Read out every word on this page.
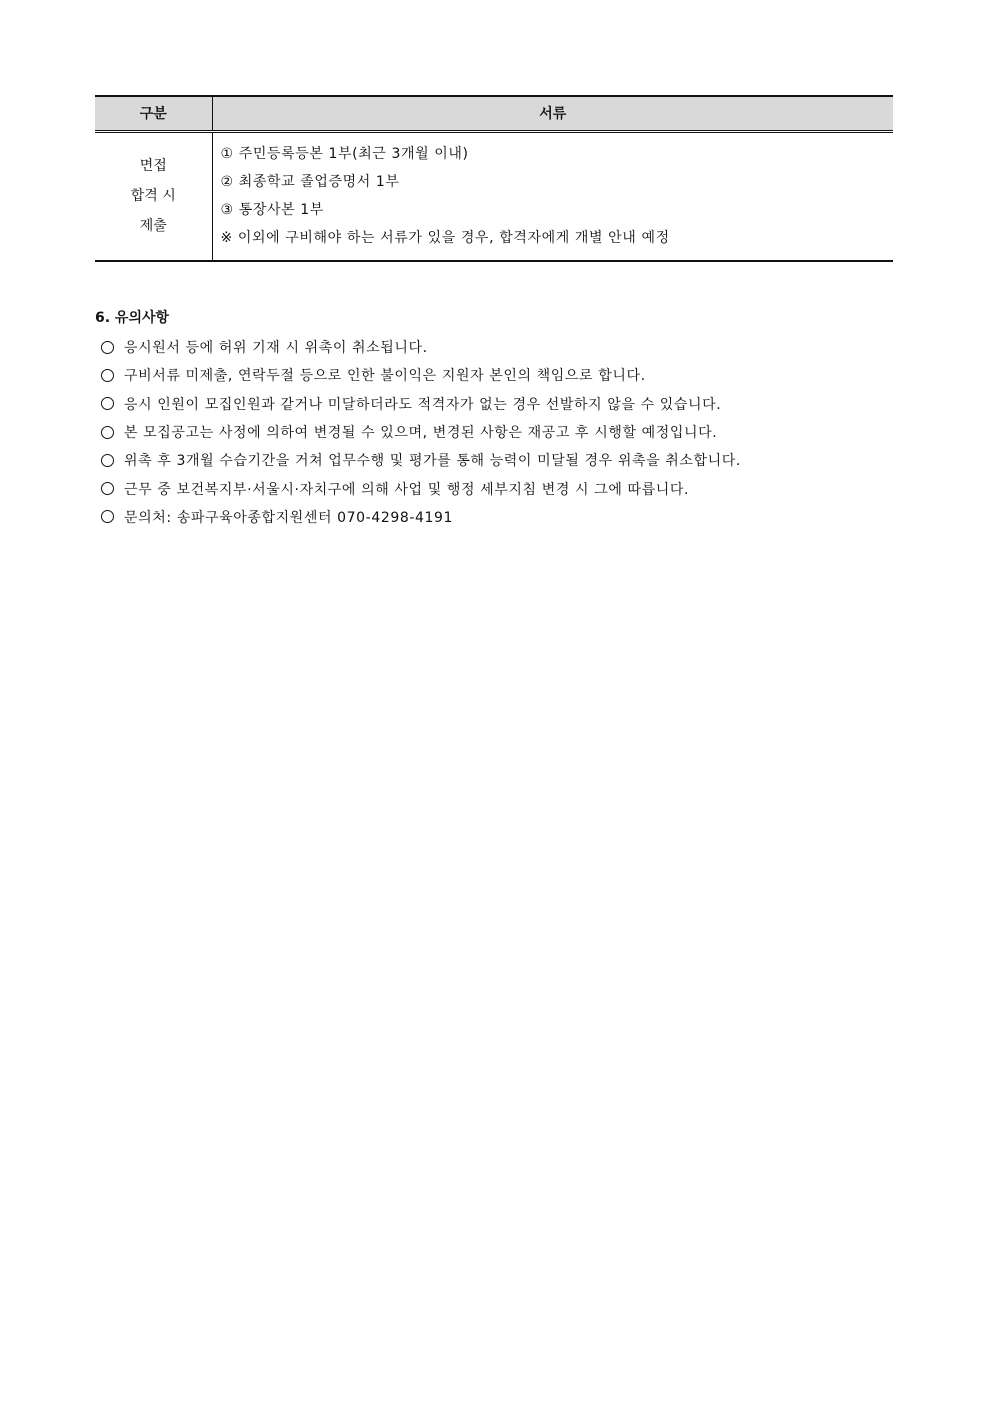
구분	서류

면접
합격 시
제출	① 주민등록등본 1부(최근 3개월 이내)
② 최종학교 졸업증명서 1부
③ 통장사본 1부
※ 이외에 구비해야 하는 서류가 있을 경우, 합격자에게 개별 안내 예정
6. 유의사항
응시원서 등에 허위 기재 시 위촉이 취소됩니다.
구비서류 미제출, 연락두절 등으로 인한 불이익은 지원자 본인의 책임으로 합니다.
응시 인원이 모집인원과 같거나 미달하더라도 적격자가 없는 경우 선발하지 않을 수 있습니다.
본 모집공고는 사정에 의하여 변경될 수 있으며, 변경된 사항은 재공고 후 시행할 예정입니다.
위촉 후 3개월 수습기간을 거쳐 업무수행 및 평가를 통해 능력이 미달될 경우 위촉을 취소합니다.
근무 중 보건복지부·서울시·자치구에 의해 사업 및 행정 세부지침 변경 시 그에 따릅니다.
문의처: 송파구육아종합지원센터 070-4298-4191
